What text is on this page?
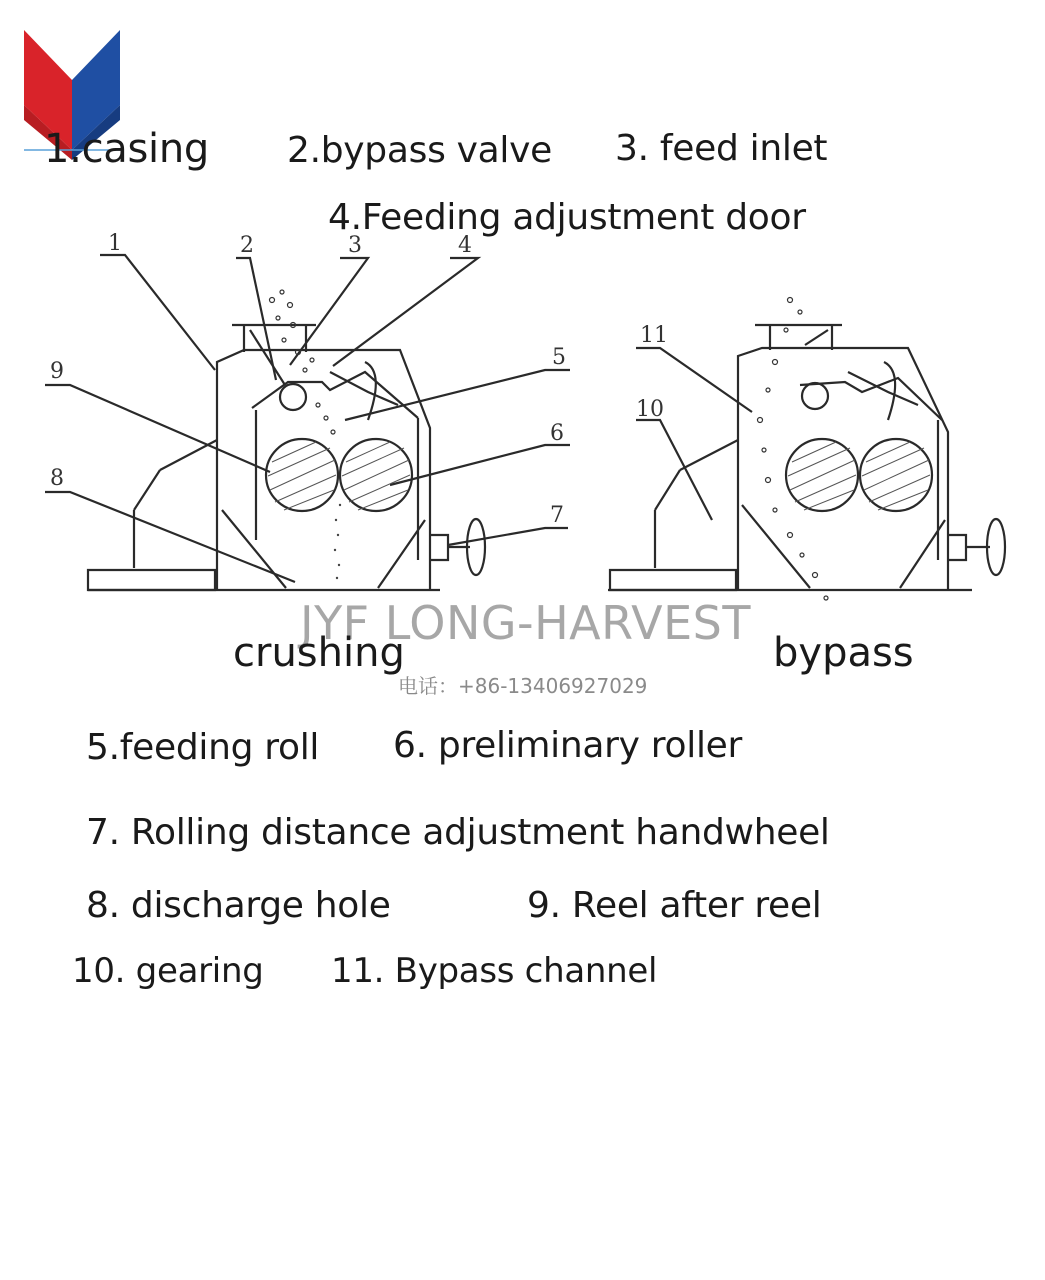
1.casing 2.bypass valve 3. feed inlet
4.Feeding adjustment door
1	2	3	4
5
6
7
8
9
11
10
JYF LONG-HARVEST
电话：+86-13406927029
crushing	bypass
5.feeding roll 6. preliminary roller
7. Rolling distance adjustment handwheel
8. discharge hole	9. Reel after reel
10. gearing 11. Bypass channel
